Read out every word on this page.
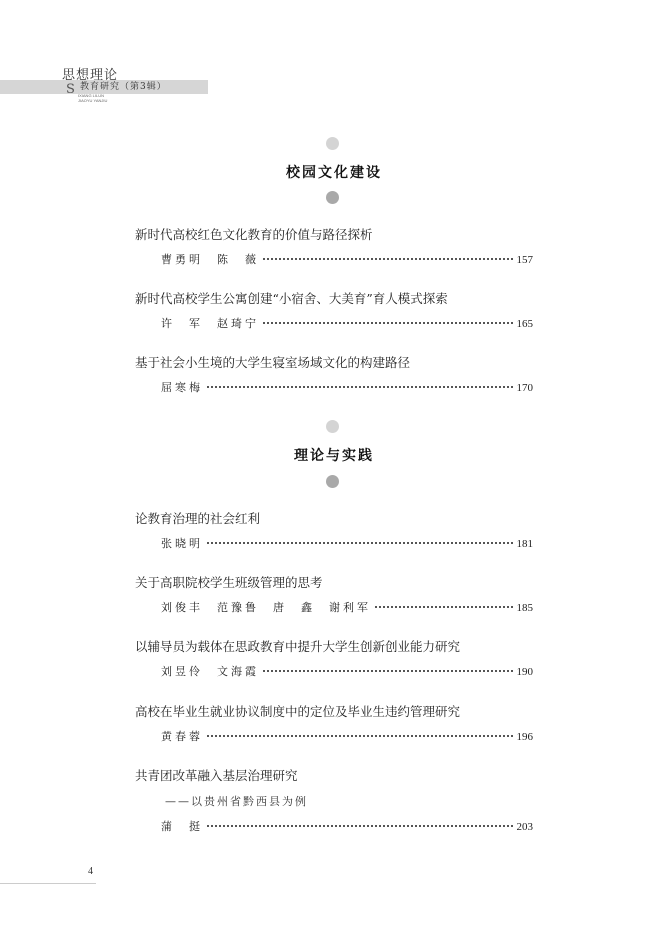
思想理论
S 教育研究（第3辑）
IXIANG LILUN
JIAOYU YANJIU
校园文化建设
新时代高校红色文化教育的价值与路径探析
曹勇明　陈　薇	157
新时代高校学生公寓创建“小宿舍、大美育”育人模式探索
许　军　赵琦宁	165
基于社会小生境的大学生寝室场域文化的构建路径
屈寒梅	170
理论与实践
论教育治理的社会红利
张晓明	181
关于高职院校学生班级管理的思考
刘俊丰　范豫鲁　唐　鑫　谢利军	185
以辅导员为载体在思政教育中提升大学生创新创业能力研究
刘昱伶　文海霞	190
高校在毕业生就业协议制度中的定位及毕业生违约管理研究
黄春蓉	196
共青团改革融入基层治理研究
——以贵州省黔西县为例
蒲　挺	203
4
